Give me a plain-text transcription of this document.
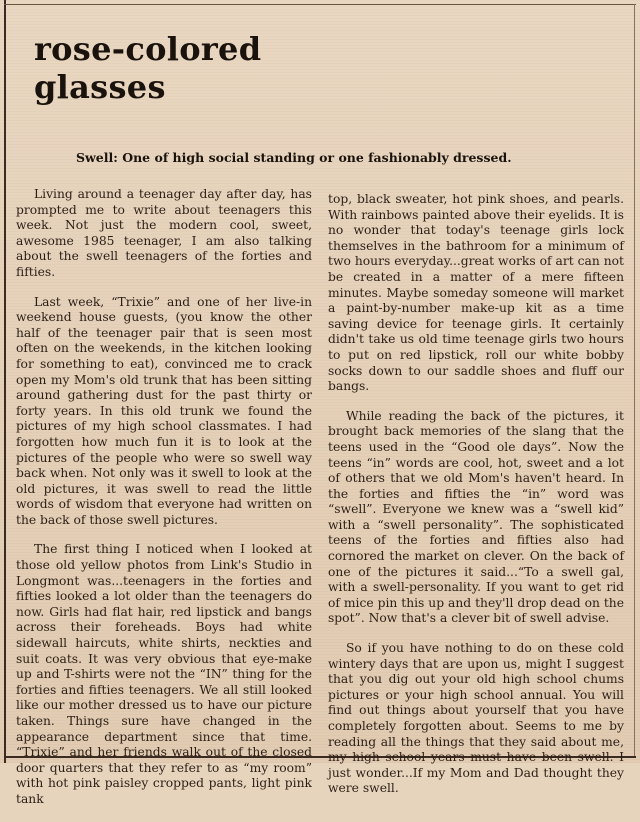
rose-colored
glasses

Swell: One of high social standing or one fashionably dressed.

Living around a teenager day after day, has prompted me to write about teenagers this week. Not just the modern cool, sweet, awesome 1985 teenager, I am also talking about the swell teenagers of the forties and fifties.

Last week, “Trixie” and one of her live-in weekend house guests, (you know the other half of the teenager pair that is seen most often on the weekends, in the kitchen looking for something to eat), convinced me to crack open my Mom's old trunk that has been sitting around gathering dust for the past thirty or forty years. In this old trunk we found the pictures of my high school classmates. I had forgotten how much fun it is to look at the pictures of the people who were so swell way back when. Not only was it swell to look at the old pictures, it was swell to read the little words of wisdom that everyone had written on the back of those swell pictures.

The first thing I noticed when I looked at those old yellow photos from Link's Studio in Longmont was...teenagers in the forties and fifties looked a lot older than the teenagers do now. Girls had flat hair, red lipstick and bangs across their foreheads. Boys had white sidewall haircuts, white shirts, neckties and suit coats. It was very obvious that eye-make up and T-shirts were not the “IN” thing for the forties and fifties teenagers. We all still looked like our mother dressed us to have our picture taken. Things sure have changed in the appearance department since that time. “Trixie” and her friends walk out of the closed door quarters that they refer to as “my room” with hot pink paisley cropped pants, light pink tank

top, black sweater, hot pink shoes, and pearls. With rainbows painted above their eyelids. It is no wonder that today's teenage girls lock themselves in the bathroom for a minimum of two hours everyday...great works of art can not be created in a matter of a mere fifteen minutes. Maybe someday someone will market a paint-by-number make-up kit as a time saving device for teenage girls. It certainly didn't take us old time teenage girls two hours to put on red lipstick, roll our white bobby socks down to our saddle shoes and fluff our bangs.

While reading the back of the pictures, it brought back memories of the slang that the teens used in the “Good ole days”. Now the teens “in” words are cool, hot, sweet and a lot of others that we old Mom's haven't heard. In the forties and fifties the “in” word was “swell”. Everyone we knew was a “swell kid” with a “swell personality”. The sophisticated teens of the forties and fifties also had cornored the market on clever. On the back of one of the pictures it said...“To a swell gal, with a swell-personality. If you want to get rid of mice pin this up and they'll drop dead on the spot”. Now that's a clever bit of swell advise.

So if you have nothing to do on these cold wintery days that are upon us, might I suggest that you dig out your old high school chums pictures or your high school annual. You will find out things about yourself that you have completely forgotten about. Seems to me by reading all the things that they said about me, my high school years must have been swell. I just wonder...If my Mom and Dad thought they were swell.
